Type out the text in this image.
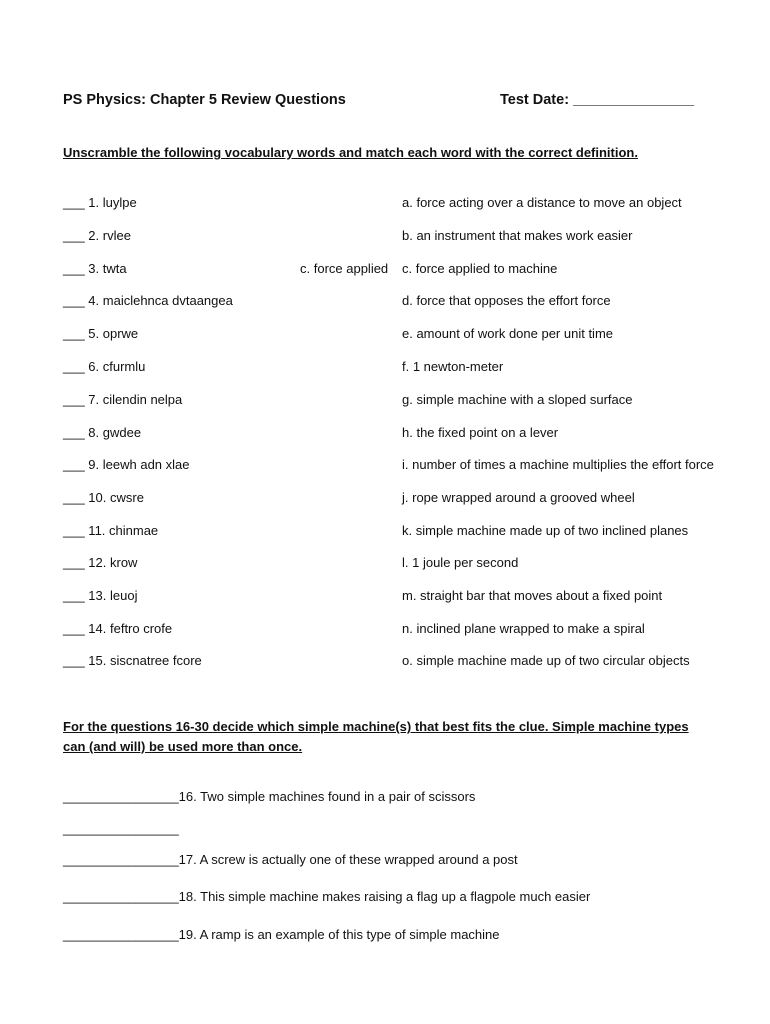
PS Physics: Chapter 5 Review Questions	Test Date: _______________
Unscramble the following vocabulary words and match each word with the correct definition.
___ 1. luylpe	a. force acting over a distance to move an object
___ 2. rvlee	b. an instrument that makes work easier
___ 3. twta	c. force applied c. force applied to machine
___ 4. maiclehnca dvtaangea	d. force that opposes the effort force
___ 5. oprwe	e. amount of work done per unit time
___ 6. cfurmlu	f. 1 newton-meter
___ 7. cilendin nelpa	g. simple machine with a sloped surface
___ 8. gwdee	h. the fixed point on a lever
___ 9. leewh adn xlae	i. number of times a machine multiplies the effort force
___ 10. cwsre	j. rope wrapped around a grooved wheel
___ 11. chinmae	k. simple machine made up of two inclined planes
___ 12. krow	l. 1 joule per second
___ 13. leuoj	m. straight bar that moves about a fixed point
___ 14. feftro crofe	n. inclined plane wrapped to make a spiral
___ 15. siscnatree fcore	o. simple machine made up of two circular objects
For the questions 16-30 decide which simple machine(s) that best fits the clue. Simple machine types can (and will) be used more than once.
________________16. Two simple machines found in a pair of scissors
________________
________________17. A screw is actually one of these wrapped around a post
________________18. This simple machine makes raising a flag up a flagpole much easier
________________19. A ramp is an example of this type of simple machine
